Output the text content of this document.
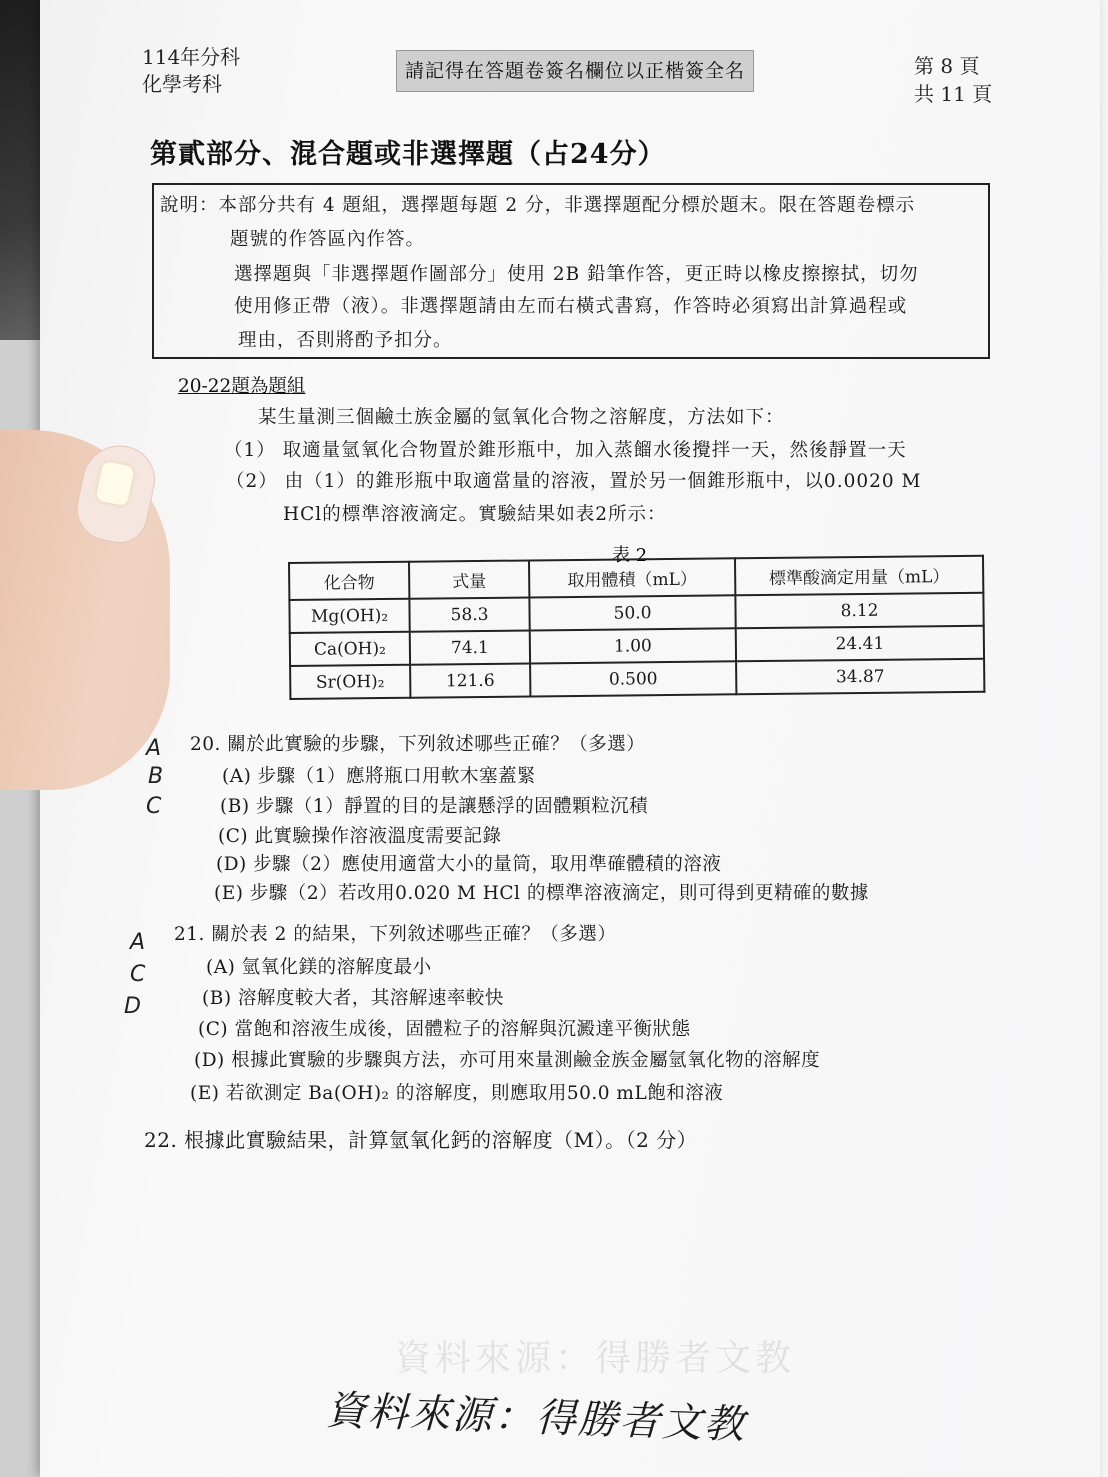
114年分科
化學考科
請記得在答題卷簽名欄位以正楷簽全名	第 8 頁
共 11 頁
第貳部分、混合題或非選擇題（占24分）

說明：本部分共有 4 題組，選擇題每題 2 分，非選擇題配分標於題末。限在答題卷標示

題號的作答區內作答。

選擇題與「非選擇題作圖部分」使用 2B 鉛筆作答，更正時以橡皮擦擦拭，切勿

使用修正帶（液）。非選擇題請由左而右橫式書寫，作答時必須寫出計算過程或

理由，否則將酌予扣分。

20-22題為題組
某生量測三個鹼土族金屬的氫氧化合物之溶解度，方法如下：
（1） 取適量氫氧化合物置於錐形瓶中，加入蒸餾水後攪拌一天，然後靜置一天
（2） 由（1）的錐形瓶中取適當量的溶液，置於另一個錐形瓶中，以0.0020 M
HCl的標準溶液滴定。實驗結果如表2所示：
表 2
化合物	式量	取用體積（mL）	標準酸滴定用量（mL）
Mg(OH)₂	58.3	50.0	8.12
Ca(OH)₂	74.1	1.00	24.41
Sr(OH)₂	121.6	0.500	34.87
20. 關於此實驗的步驟，下列敘述哪些正確？（多選）
(A) 步驟（1）應將瓶口用軟木塞蓋緊
(B) 步驟（1）靜置的目的是讓懸浮的固體顆粒沉積
(C) 此實驗操作溶液溫度需要記錄
(D) 步驟（2）應使用適當大小的量筒，取用準確體積的溶液
(E) 步驟（2）若改用0.020 M HCl 的標準溶液滴定，則可得到更精確的數據
A
B
C
21. 關於表 2 的結果，下列敘述哪些正確？（多選）
(A) 氫氧化鎂的溶解度最小
(B) 溶解度較大者，其溶解速率較快
(C) 當飽和溶液生成後，固體粒子的溶解與沉澱達平衡狀態
(D) 根據此實驗的步驟與方法，亦可用來量測鹼金族金屬氫氧化物的溶解度
(E) 若欲測定 Ba(OH)₂ 的溶解度，則應取用50.0 mL飽和溶液
A
C
D
22. 根據此實驗結果，計算氫氧化鈣的溶解度（M）。（2 分）
資料來源：得勝者文教
資料來源：得勝者文教
